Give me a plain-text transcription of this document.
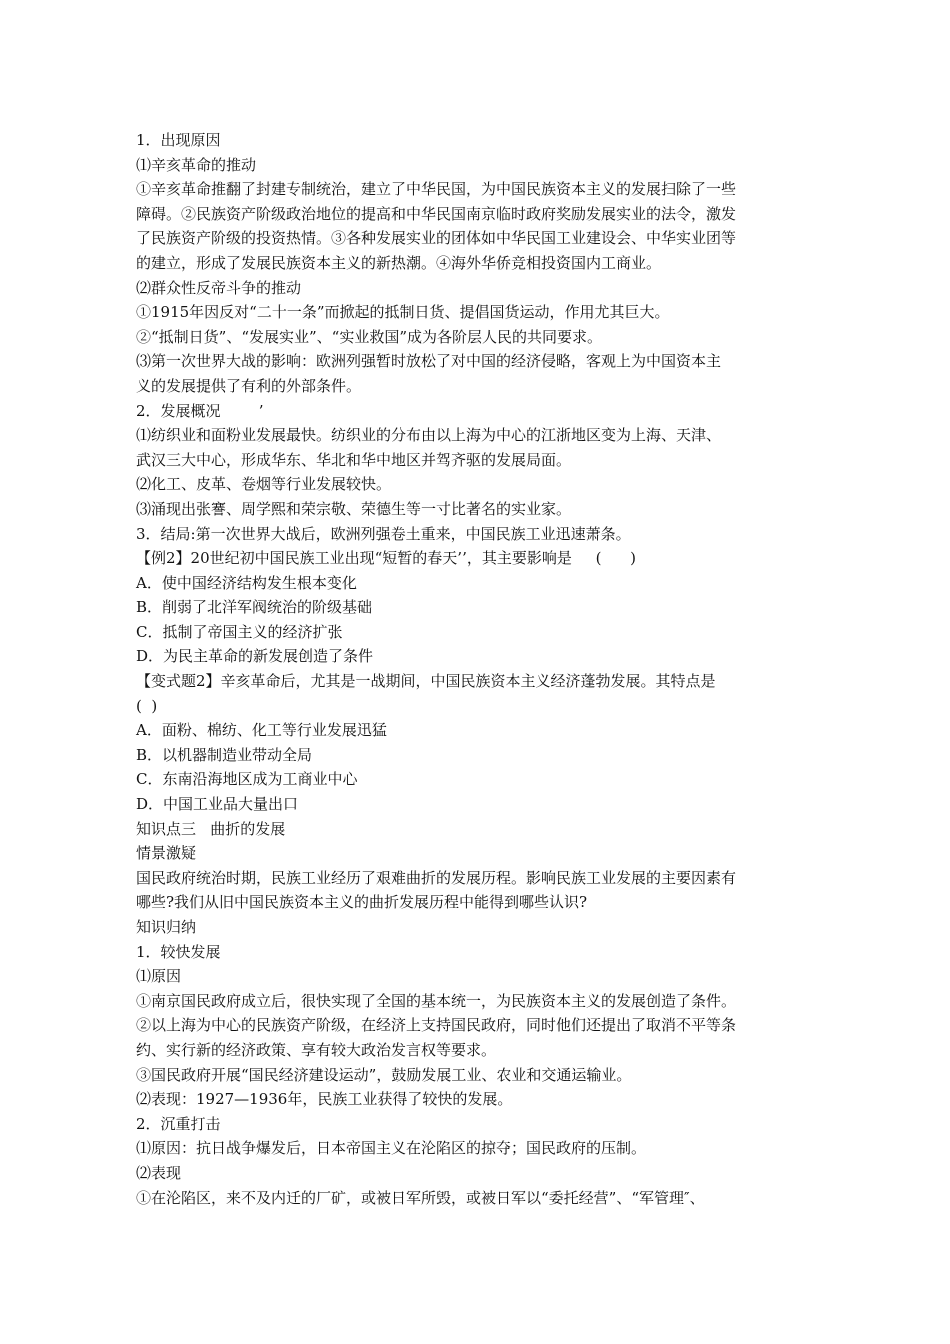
1．出现原因
⑴辛亥革命的推动
①辛亥革命推翻了封建专制统治，建立了中华民国，为中国民族资本主义的发展扫除了一些
障碍。②民族资产阶级政治地位的提高和中华民国南京临时政府奖励发展实业的法令，激发
了民族资产阶级的投资热情。③各种发展实业的团体如中华民国工业建设会、中华实业团等
的建立，形成了发展民族资本主义的新热潮。④海外华侨竞相投资国内工商业。
⑵群众性反帝斗争的推动
①1915年因反对“二十一条”而掀起的抵制日货、提倡国货运动，作用尤其巨大。
②“抵制日货”、“发展实业”、“实业救国”成为各阶层人民的共同要求。
⑶第一次世界大战的影响：欧洲列强暂时放松了对中国的经济侵略，客观上为中国资本主
义的发展提供了有利的外部条件。
2．发展概况        ’
⑴纺织业和面粉业发展最快。纺织业的分布由以上海为中心的江浙地区变为上海、天津、
武汉三大中心，形成华东、华北和华中地区并驾齐驱的发展局面。
⑵化工、皮革、卷烟等行业发展较快。
⑶涌现出张謇、周学熙和荣宗敬、荣德生等一寸比著名的实业家。
3．结局:第一次世界大战后，欧洲列强卷土重来，中国民族工业迅速萧条。
【例2】20世纪初中国民族工业出现“短暂的春天’’，其主要影响是     (      )
A．使中国经济结构发生根本变化
B．削弱了北洋军阀统治的阶级基础
C．抵制了帝国主义的经济扩张
D．为民主革命的新发展创造了条件
【变式题2】辛亥革命后，尤其是一战期间，中国民族资本主义经济蓬勃发展。其特点是
(  )
A．面粉、棉纺、化工等行业发展迅猛
B．以机器制造业带动全局
C．东南沿海地区成为工商业中心
D．中国工业品大量出口
知识点三   曲折的发展
情景激疑
国民政府统治时期，民族工业经历了艰难曲折的发展历程。影响民族工业发展的主要因素有
哪些?我们从旧中国民族资本主义的曲折发展历程中能得到哪些认识?
知识归纳
1．较快发展
⑴原因
①南京国民政府成立后，很快实现了全国的基本统一，为民族资本主义的发展创造了条件。
②以上海为中心的民族资产阶级，在经济上支持国民政府，同时他们还提出了取消不平等条
约、实行新的经济政策、享有较大政治发言权等要求。
③国民政府开展“国民经济建设运动”，鼓励发展工业、农业和交通运输业。
⑵表现：1927—1936年，民族工业获得了较快的发展。
2．沉重打击
⑴原因：抗日战争爆发后，日本帝国主义在沦陷区的掠夺；国民政府的压制。
⑵表现
①在沦陷区，来不及内迁的厂矿，或被日军所毁，或被日军以“委托经营”、“军管理″、
